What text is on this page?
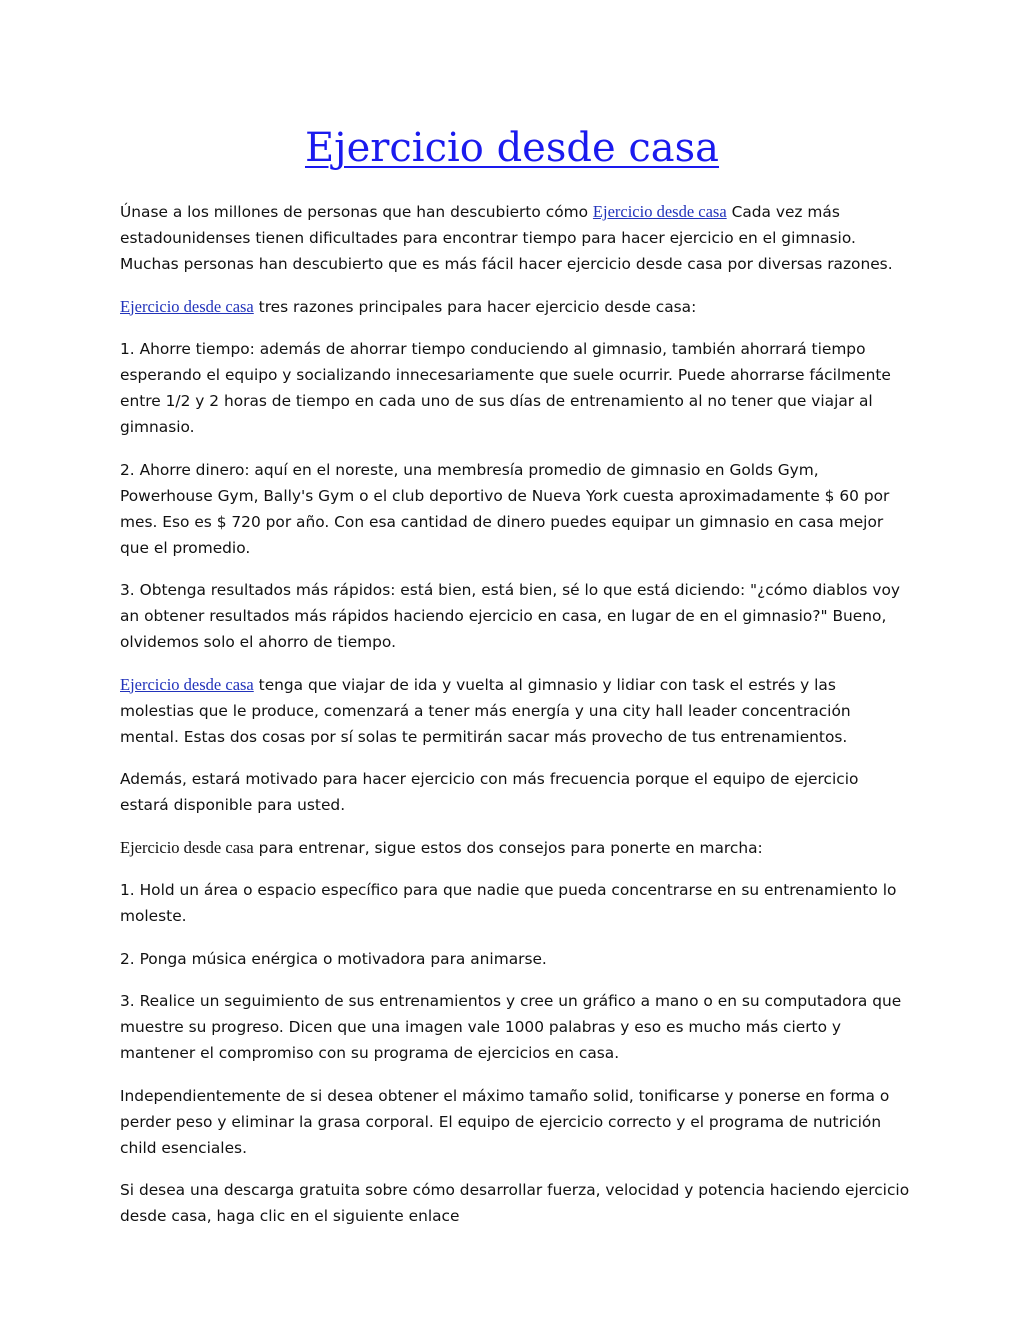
Ejercicio desde casa

Únase a los millones de personas que han descubierto cómo Ejercicio desde casa Cada vez más estadounidenses tienen dificultades para encontrar tiempo para hacer ejercicio en el gimnasio. Muchas personas han descubierto que es más fácil hacer ejercicio desde casa por diversas razones.

Ejercicio desde casa tres razones principales para hacer ejercicio desde casa:

1. Ahorre tiempo: además de ahorrar tiempo conduciendo al gimnasio, también ahorrará tiempo esperando el equipo y socializando innecesariamente que suele ocurrir. Puede ahorrarse fácilmente entre 1/2 y 2 horas de tiempo en cada uno de sus días de entrenamiento al no tener que viajar al gimnasio.

2. Ahorre dinero: aquí en el noreste, una membresía promedio de gimnasio en Golds Gym, Powerhouse Gym, Bally's Gym o el club deportivo de Nueva York cuesta aproximadamente $ 60 por mes. Eso es $ 720 por año. Con esa cantidad de dinero puedes equipar un gimnasio en casa mejor que el promedio.

3. Obtenga resultados más rápidos: está bien, está bien, sé lo que está diciendo: "¿cómo diablos voy an obtener resultados más rápidos haciendo ejercicio en casa, en lugar de en el gimnasio?" Bueno, olvidemos solo el ahorro de tiempo.

Ejercicio desde casa tenga que viajar de ida y vuelta al gimnasio y lidiar con task el estrés y las molestias que le produce, comenzará a tener más energía y una city hall leader concentración mental. Estas dos cosas por sí solas te permitirán sacar más provecho de tus entrenamientos.

Además, estará motivado para hacer ejercicio con más frecuencia porque el equipo de ejercicio estará disponible para usted.

Ejercicio desde casa para entrenar, sigue estos dos consejos para ponerte en marcha:

1. Hold un área o espacio específico para que nadie que pueda concentrarse en su entrenamiento lo moleste.

2. Ponga música enérgica o motivadora para animarse.

3. Realice un seguimiento de sus entrenamientos y cree un gráfico a mano o en su computadora que muestre su progreso. Dicen que una imagen vale 1000 palabras y eso es mucho más cierto y mantener el compromiso con su programa de ejercicios en casa.

Independientemente de si desea obtener el máximo tamaño solid, tonificarse y ponerse en forma o perder peso y eliminar la grasa corporal. El equipo de ejercicio correcto y el programa de nutrición child esenciales.

Si desea una descarga gratuita sobre cómo desarrollar fuerza, velocidad y potencia haciendo ejercicio desde casa, haga clic en el siguiente enlace
